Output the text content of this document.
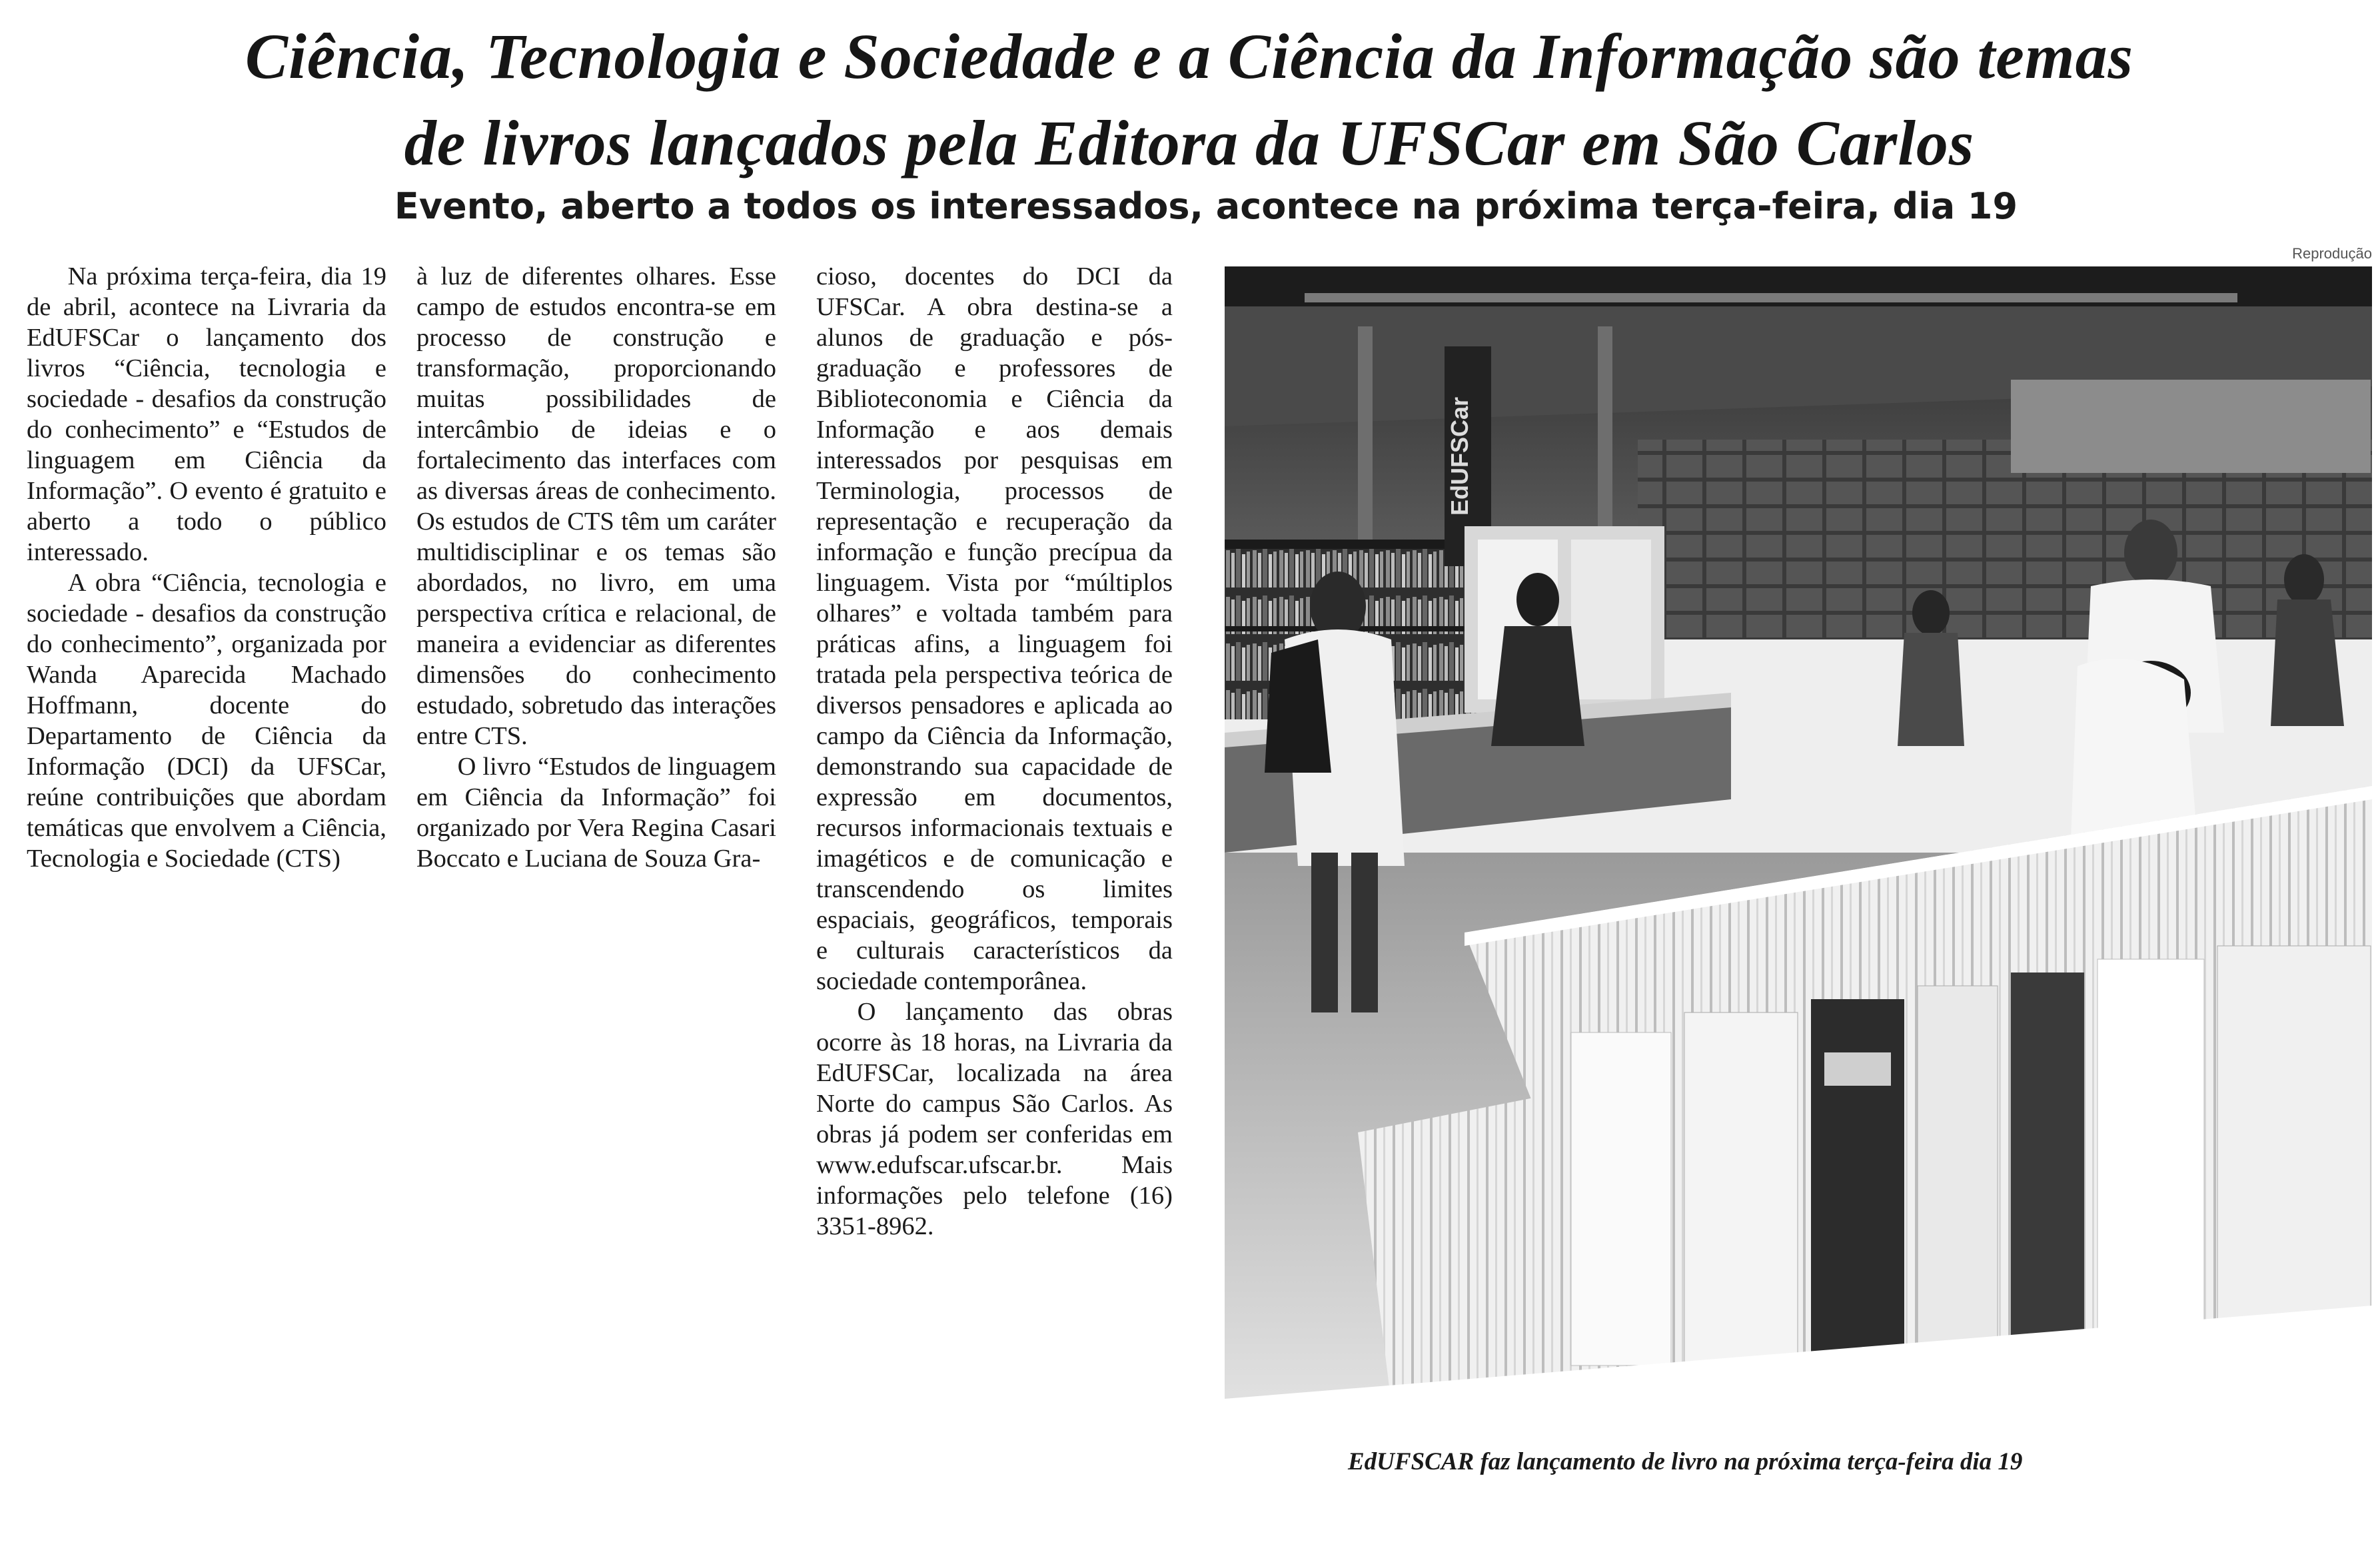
Ciência, Tecnologia e Sociedade e a Ciência da Informação são temas
de livros lançados pela Editora da UFSCar em São Carlos
Evento, aberto a todos os interessados, acontece na próxima terça-feira, dia 19
Reprodução

Na próxima terça-feira, dia 19 de abril, acontece na Livraria da EdUFSCar o lançamento dos livros “Ciência, tecnologia e sociedade - desafios da construção do conhecimento” e “Estudos de linguagem em Ciência da Informação”. O evento é gratuito e aberto a todo o público interessado.

A obra “Ciência, tecnologia e sociedade - desafios da construção do conhecimento”, organizada por Wanda Aparecida Machado Hoffmann, docente do Departamento de Ciência da Informação (DCI) da UFSCar, reúne contribuições que abordam temáticas que envolvem a Ciência, Tecnologia e Sociedade (CTS)

à luz de diferentes olhares. Esse campo de estudos encontra-se em processo de construção e transformação, proporcionando muitas possibilidades de intercâmbio de ideias e o fortalecimento das interfaces com as diversas áreas de conhecimento. Os estudos de CTS têm um caráter multidisciplinar e os temas são abordados, no livro, em uma perspectiva crítica e relacional, de maneira a evidenciar as diferentes dimensões do conhecimento estudado, sobretudo das interações entre CTS.

O livro “Estudos de linguagem em Ciência da Informação” foi organizado por Vera Regina Casari Boccato e Luciana de Souza Gra-

cioso, docentes do DCI da UFSCar. A obra destina-se a alunos de graduação e pós-graduação e professores de Biblioteconomia e Ciência da Informação e aos demais interessados por pesquisas em Terminologia, processos de representação e recuperação da informação e função precípua da linguagem. Vista por “múltiplos olhares” e voltada também para práticas afins, a linguagem foi tratada pela perspectiva teórica de diversos pensadores e aplicada ao campo da Ciência da Informação, demonstrando sua capacidade de expressão em documentos, recursos informacionais textuais e imagéticos e de comunicação e transcendendo os limites espaciais, geográficos, temporais e culturais característicos da sociedade contemporânea.

O lançamento das obras ocorre às 18 horas, na Livraria da EdUFSCar, localizada na área Norte do campus São Carlos. As obras já podem ser conferidas em www.edufscar.ufscar.br. Mais informações pelo telefone (16) 3351-8962.

EdUFSCar
EdUFSCAR faz lançamento de livro na próxima terça-feira dia 19
